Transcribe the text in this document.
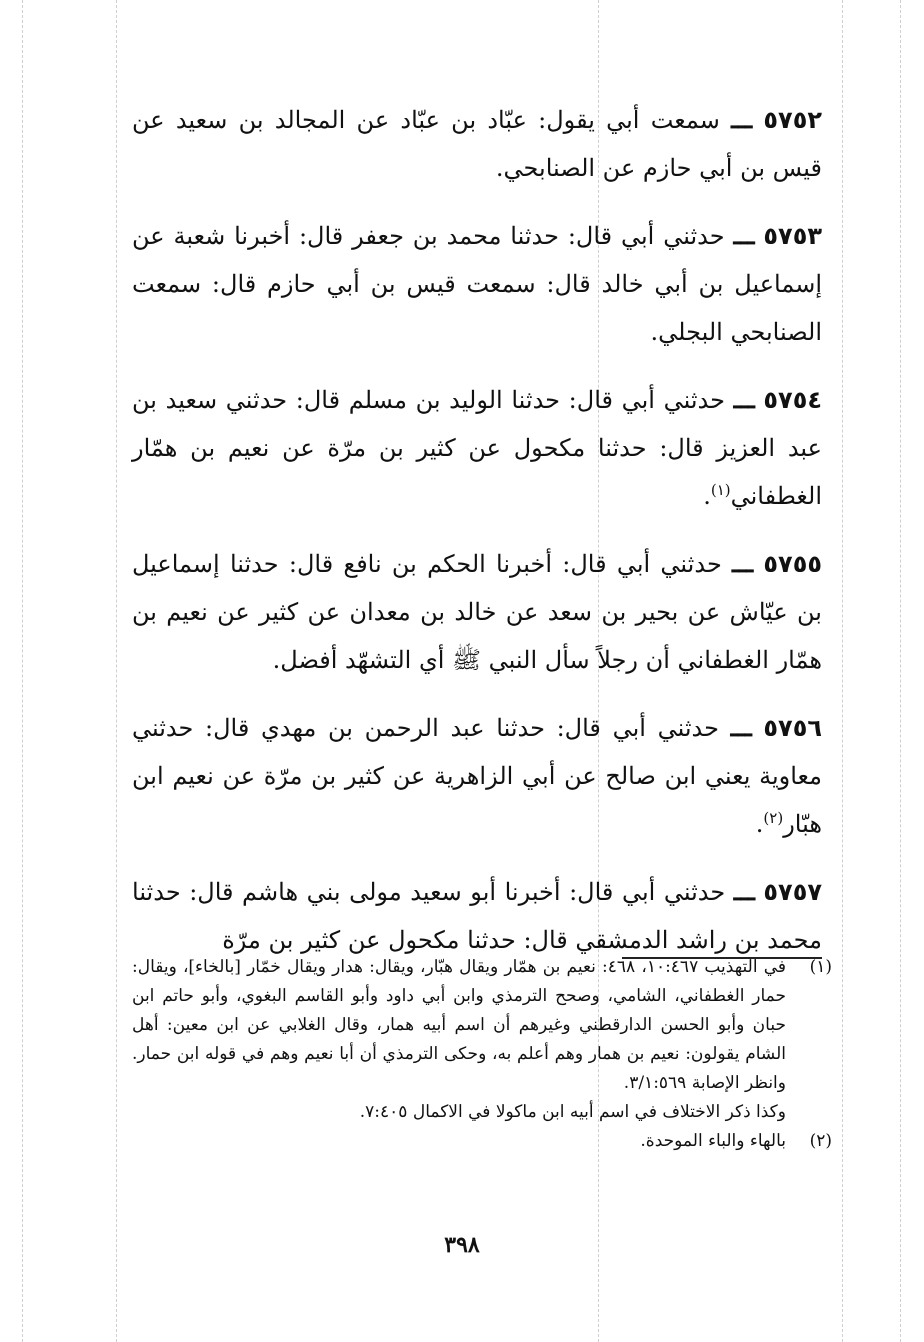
٥٧٥٢ ـــ سمعت أبي يقول: عبّاد بن عبّاد عن المجالد بن سعيد عن قيس بن أبي حازم عن الصنابحي.

٥٧٥٣ ـــ حدثني أبي قال: حدثنا محمد بن جعفر قال: أخبرنا شعبة عن إسماعيل بن أبي خالد قال: سمعت قيس بن أبي حازم قال: سمعت الصنابحي البجلي.

٥٧٥٤ ـــ حدثني أبي قال: حدثنا الوليد بن مسلم قال: حدثني سعيد بن عبد العزيز قال: حدثنا مكحول عن كثير بن مرّة عن نعيم بن همّار الغطفاني$^{(١)}$.

٥٧٥٥ ـــ حدثني أبي قال: أخبرنا الحكم بن نافع قال: حدثنا إسماعيل بن عيّاش عن بحير بن سعد عن خالد بن معدان عن كثير عن نعيم بن همّار الغطفاني أن رجلاً سأل النبي ﷺ أي التشهّد أفضل.

٥٧٥٦ ـــ حدثني أبي قال: حدثنا عبد الرحمن بن مهدي قال: حدثني معاوية يعني ابن صالح عن أبي الزاهرية عن كثير بن مرّة عن نعيم ابن هبّار$^{(٢)}$.

٥٧٥٧ ـــ حدثني أبي قال: أخبرنا أبو سعيد مولى بني هاشم قال: حدثنا محمد بن راشد الدمشقي قال: حدثنا مكحول عن كثير بن مرّة

(١)
في التهذيب ١٠:٤٦٧، ٤٦٨: نعيم بن همّار ويقال هبّار، ويقال: هدار ويقال خمّار [بالخاء]، ويقال: حمار الغطفاني، الشامي، وصحح الترمذي وابن أبي داود وأبو القاسم البغوي، وأبو حاتم ابن حبان وأبو الحسن الدارقطني وغيرهم أن اسم أبيه همار، وقال الغلابي عن ابن معين: أهل الشام يقولون: نعيم بن همار وهم أعلم به، وحكى الترمذي أن أبا نعيم وهم في قوله ابن حمار. وانظر الإصابة ٣/١:٥٦٩.
وكذا ذكر الاختلاف في اسم أبيه ابن ماكولا في الاكمال ٧:٤٠٥.
(٢)
بالهاء والباء الموحدة.
٣٩٨
